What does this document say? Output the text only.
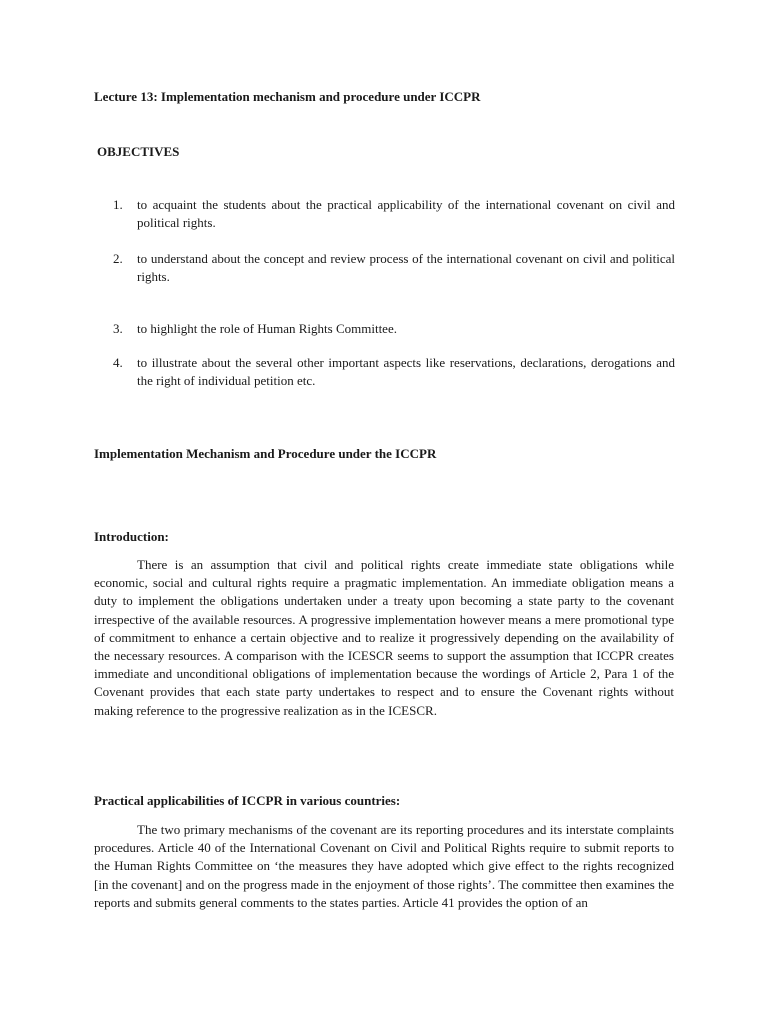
Lecture 13: Implementation mechanism and procedure under ICCPR
OBJECTIVES
1.	to acquaint the students about the practical applicability of the international covenant on civil and political rights.
2.	to understand about the concept and review process of the international covenant on civil and political rights.
3.	to highlight the role of Human Rights Committee.
4.	to illustrate about the several other important aspects like reservations, declarations, derogations and the right of individual petition etc.
Implementation Mechanism and Procedure under the ICCPR
Introduction:
There is an assumption that civil and political rights create immediate state obligations while economic, social and cultural rights require a pragmatic implementation. An immediate obligation means a duty to implement the obligations undertaken under a treaty upon becoming a state party to the covenant irrespective of the available resources. A progressive implementation however means a mere promotional type of commitment to enhance a certain objective and to realize it progressively depending on the availability of the necessary resources. A comparison with the ICESCR seems to support the assumption that ICCPR creates immediate and unconditional obligations of implementation because the wordings of Article 2, Para 1 of the Covenant provides that each state party undertakes to respect and to ensure the Covenant rights without making reference to the progressive realization as in the ICESCR.
Practical applicabilities of ICCPR in various countries:
The two primary mechanisms of the covenant are its reporting procedures and its interstate complaints procedures. Article 40 of the International Covenant on Civil and Political Rights require to submit reports to the Human Rights Committee on ‘the measures they have adopted which give effect to the rights recognized [in the covenant] and on the progress made in the enjoyment of those rights’. The committee then examines the reports and submits general comments to the states parties. Article 41 provides the option of an
